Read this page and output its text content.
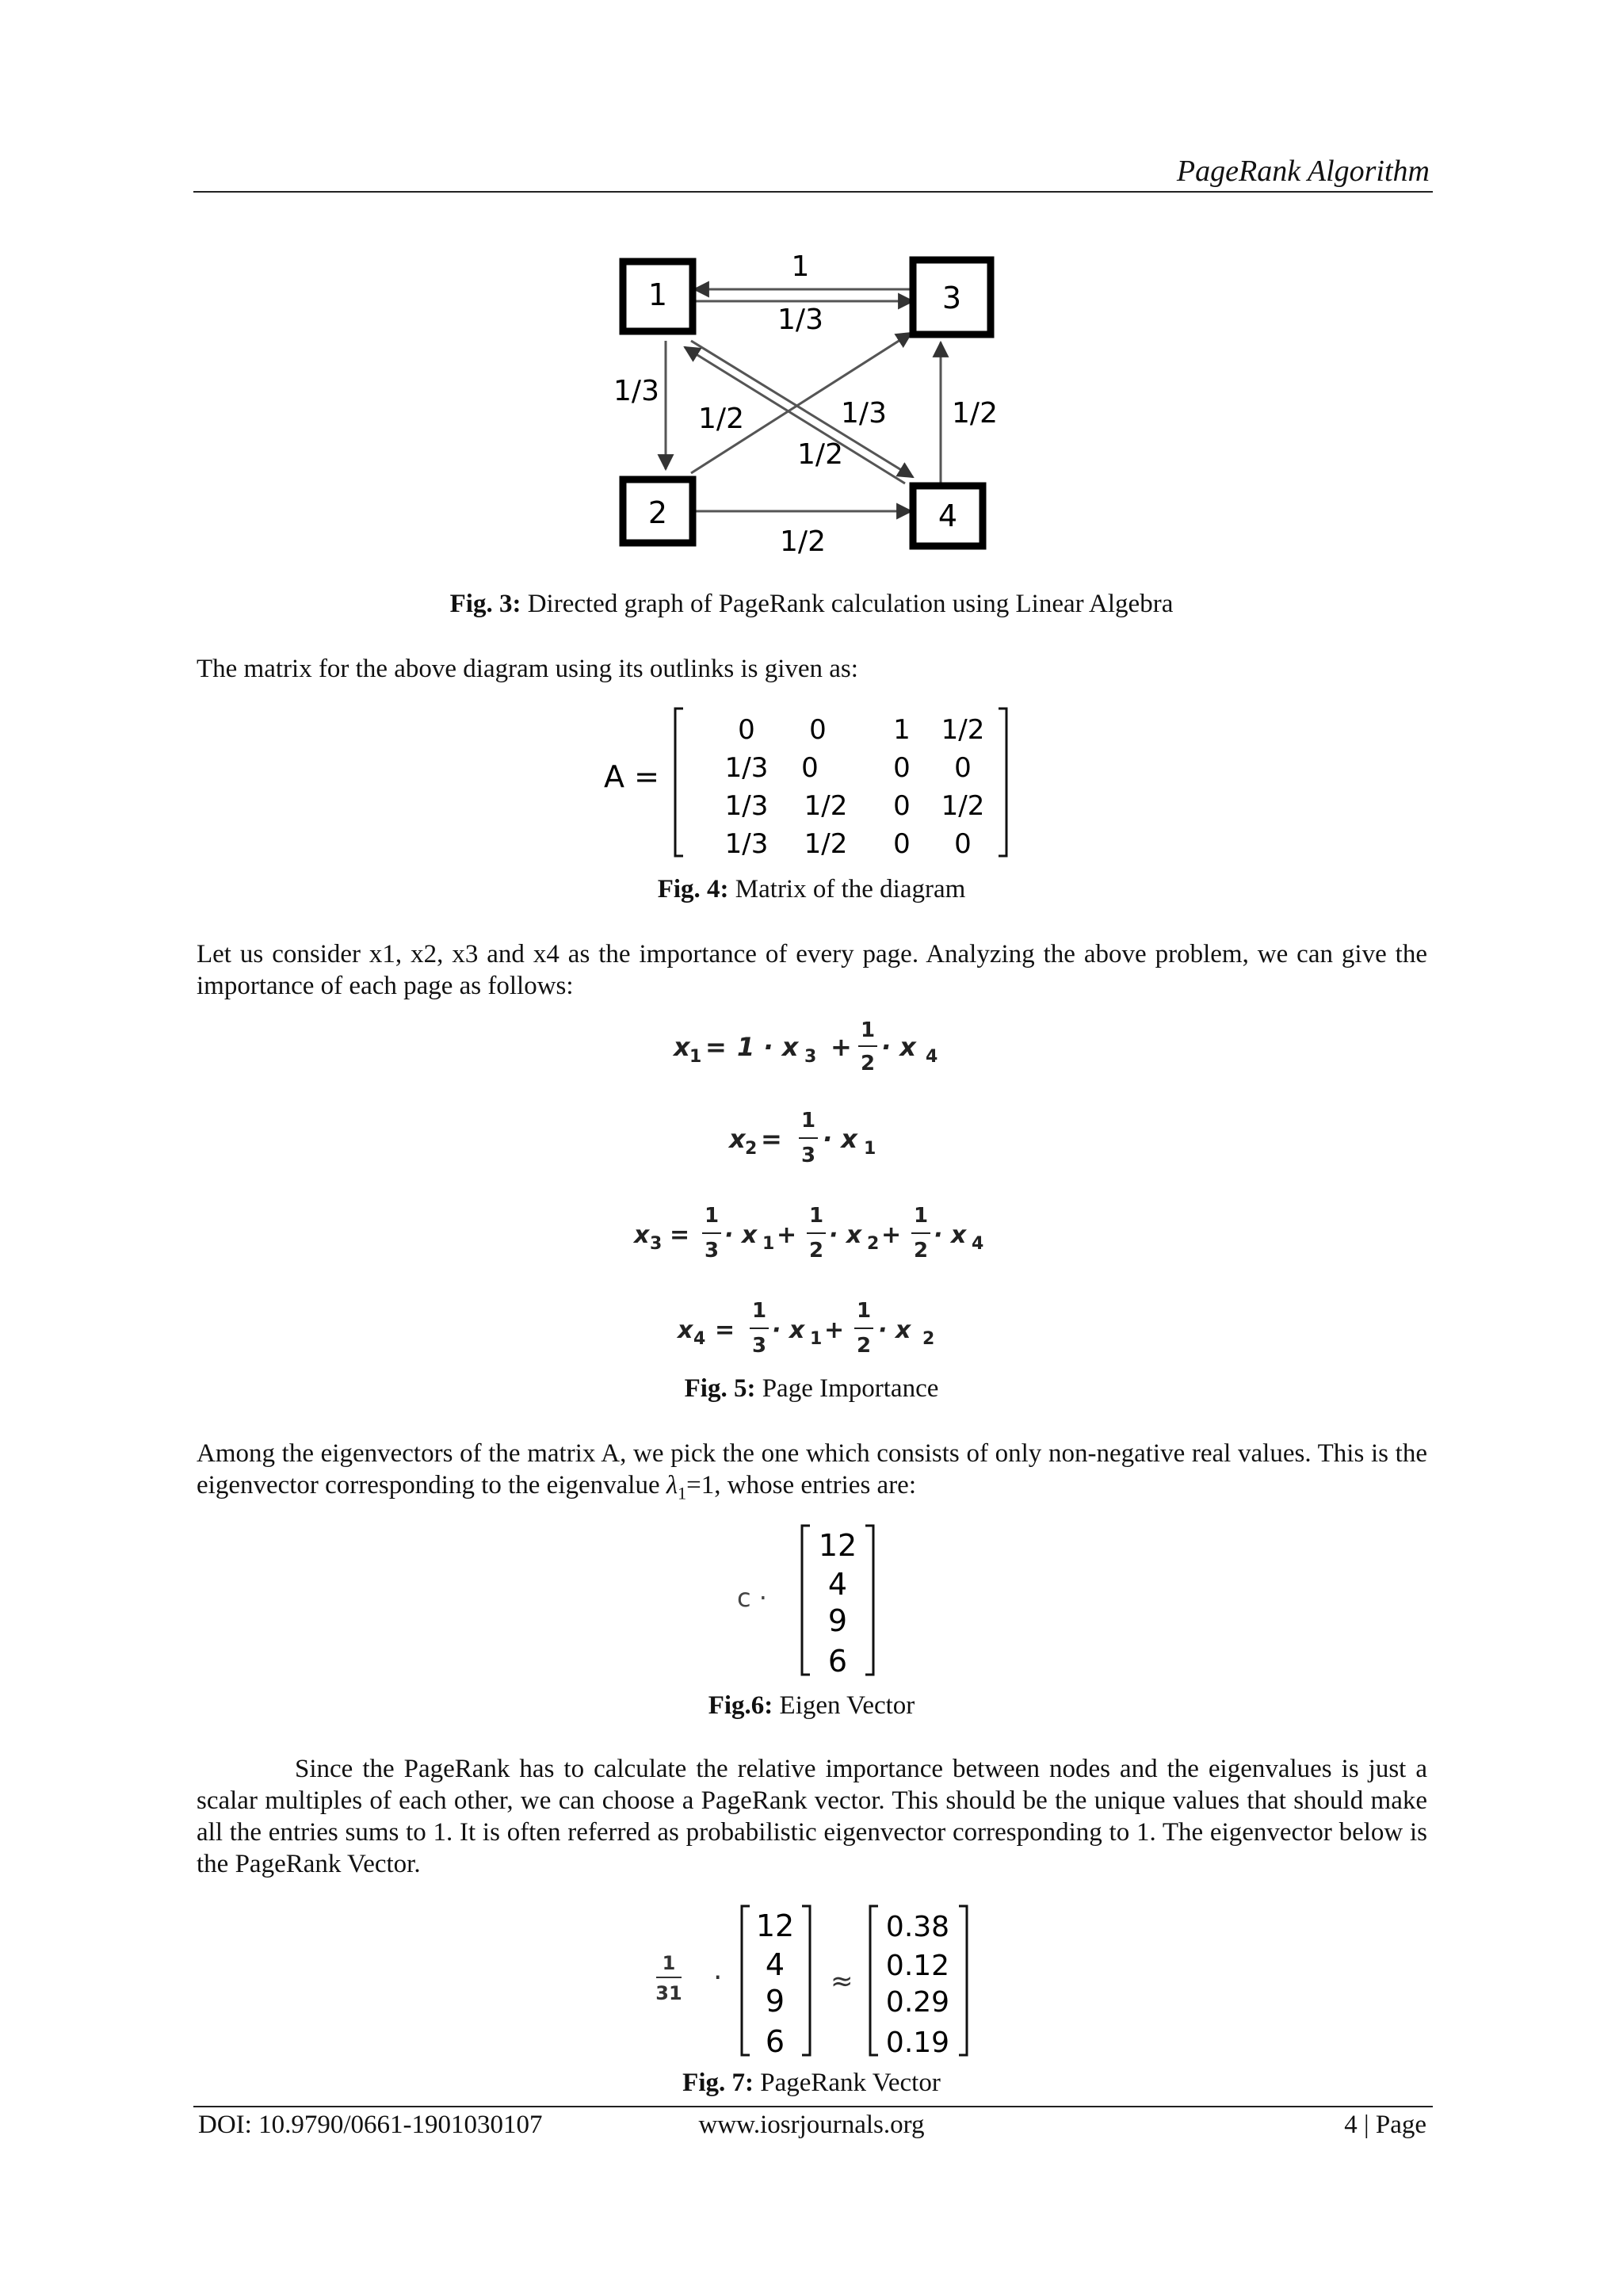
PageRank Algorithm
1	3
2	4
1
1/3
1/3
1/2	1/3
1/2
1/2
1/2
Fig. 3: Directed graph of PageRank calculation using Linear Algebra
The matrix for the above diagram using its outlinks is given as:
A =
0 0 1 1/2
1/3 0	0 0
1/3 1/2 0 1/2
1/3 1/2 0 0
Fig. 4: Matrix of the diagram
Let us consider x1, x2, x3 and x4 as the importance of every page. Analyzing the above problem, we can give the importance of each page as follows:
x 1 = 1 · x 3 +
1
2
· x 4
x 2 =
1
3
· x 1
x 3 =
1
3
· x 1 +
1
2
· x 2 +
1
2
· x 4
x 4 =
1
3
· x 1 +
1
2
· x 2
Fig. 5: Page Importance
Among the eigenvectors of the matrix A, we pick the one which consists of only non-negative real values. This is the eigenvector corresponding to the eigenvalue $\lambda_1=1$, whose entries are:
c ·
12
4
9
6
Fig.6: Eigen Vector
Since the PageRank has to calculate the relative importance between nodes and the eigenvalues is just a scalar multiples of each other, we can choose a PageRank vector. This should be the unique values that should make all the entries sums to 1. It is often referred as probabilistic eigenvector corresponding to 1. The eigenvector below is the PageRank Vector.
1
31 ·
12
4
9
6
≈
0.38
0.12
0.29
0.19
Fig. 7: PageRank Vector
DOI: 10.9790/0661-1901030107	www.iosrjournals.org	4 | Page
